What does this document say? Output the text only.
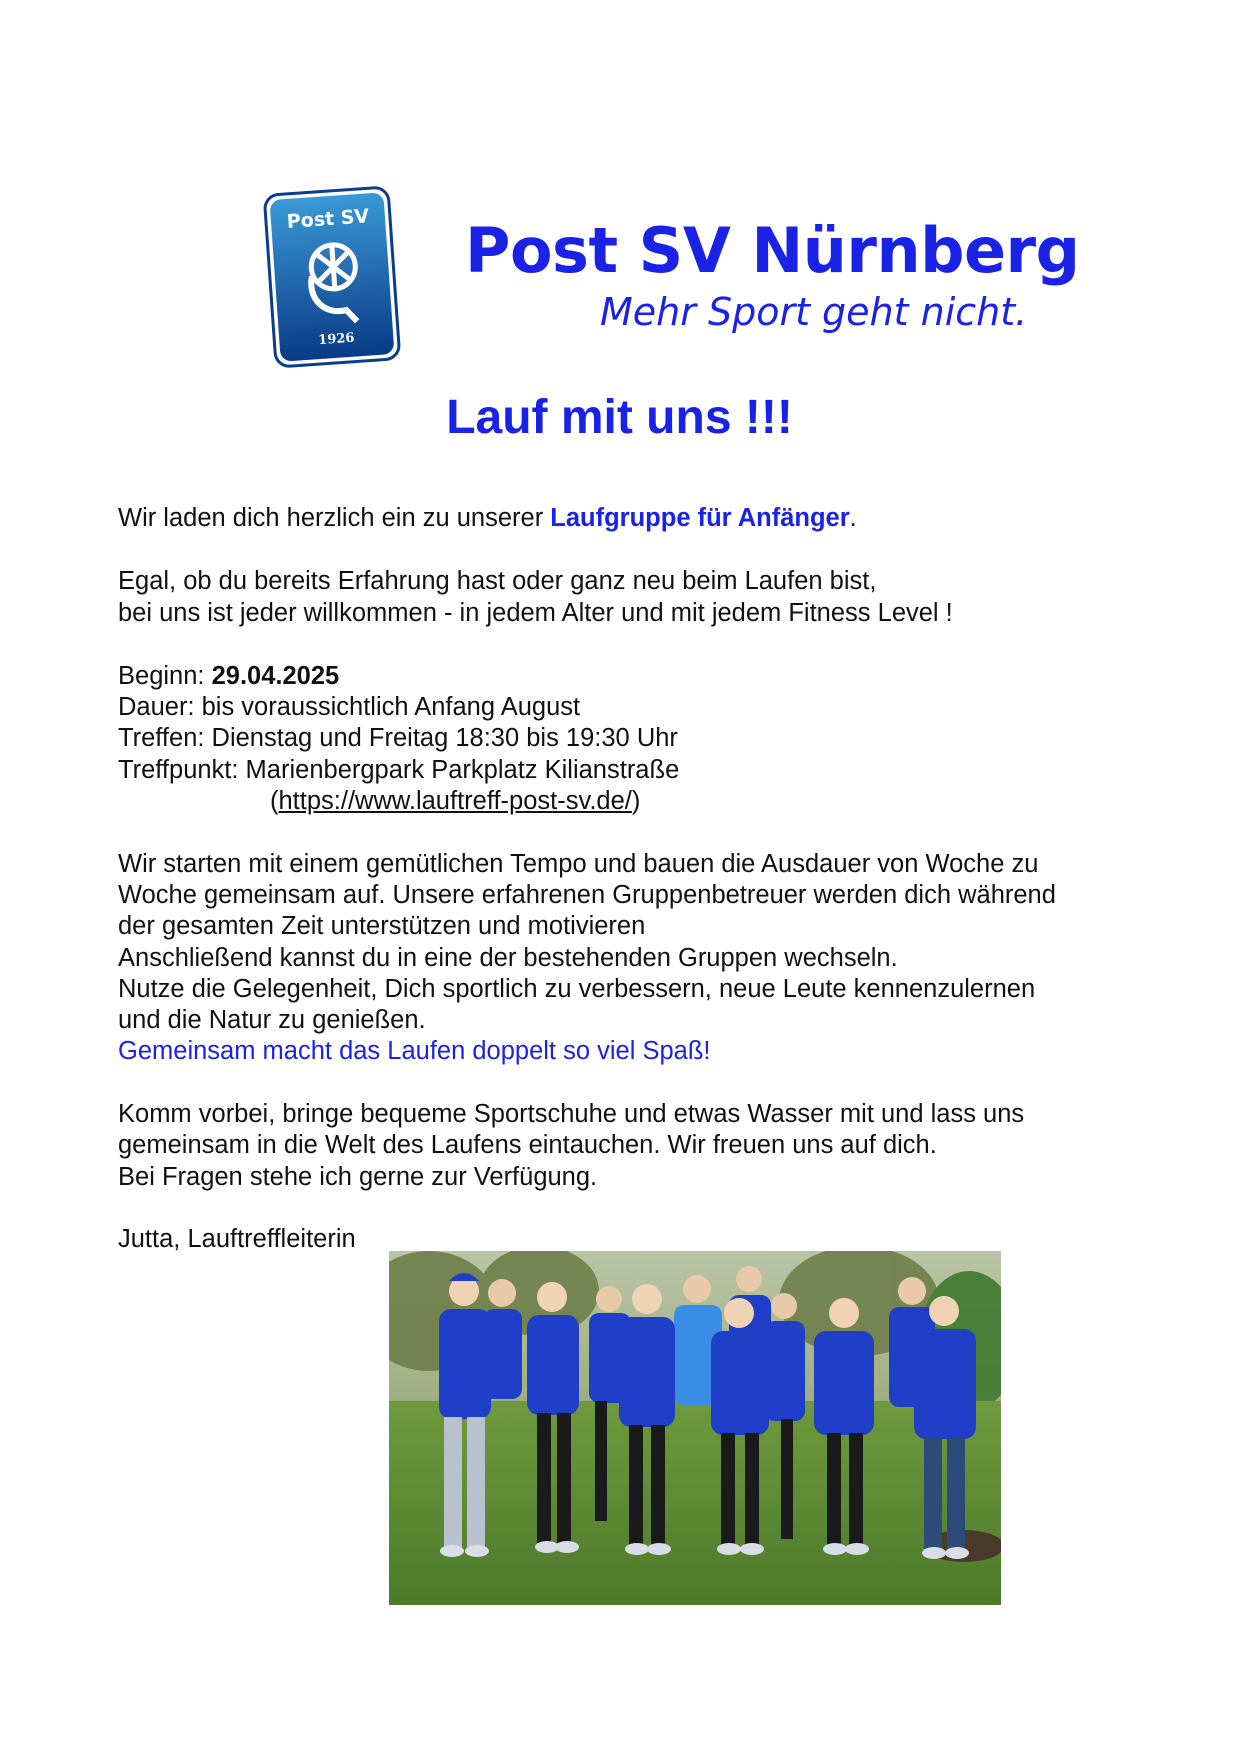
Post SV
1926
Post SV Nürnberg
Mehr Sport geht nicht.
Lauf mit uns !!!
Wir laden dich herzlich ein zu unserer Laufgruppe für Anfänger.
Egal, ob du bereits Erfahrung hast oder ganz neu beim Laufen bist,
bei uns ist jeder willkommen - in jedem Alter und mit jedem Fitness Level !
Beginn: 29.04.2025
Dauer: bis voraussichtlich Anfang August
Treffen: Dienstag und Freitag 18:30 bis 19:30 Uhr
Treffpunkt: Marienbergpark Parkplatz Kilianstraße
(https://www.lauftreff-post-sv.de/)
Wir starten mit einem gemütlichen Tempo und bauen die Ausdauer von Woche zu
Woche gemeinsam auf. Unsere erfahrenen Gruppenbetreuer werden dich während
der gesamten Zeit unterstützen und motivieren
Anschließend kannst du in eine der bestehenden Gruppen wechseln.
Nutze die Gelegenheit, Dich sportlich zu verbessern, neue Leute kennenzulernen
und die Natur zu genießen.
Gemeinsam macht das Laufen doppelt so viel Spaß!
Komm vorbei, bringe bequeme Sportschuhe und etwas Wasser mit und lass uns
gemeinsam in die Welt des Laufens eintauchen. Wir freuen uns auf dich.
Bei Fragen stehe ich gerne zur Verfügung.
Jutta, Lauftreffleiterin
